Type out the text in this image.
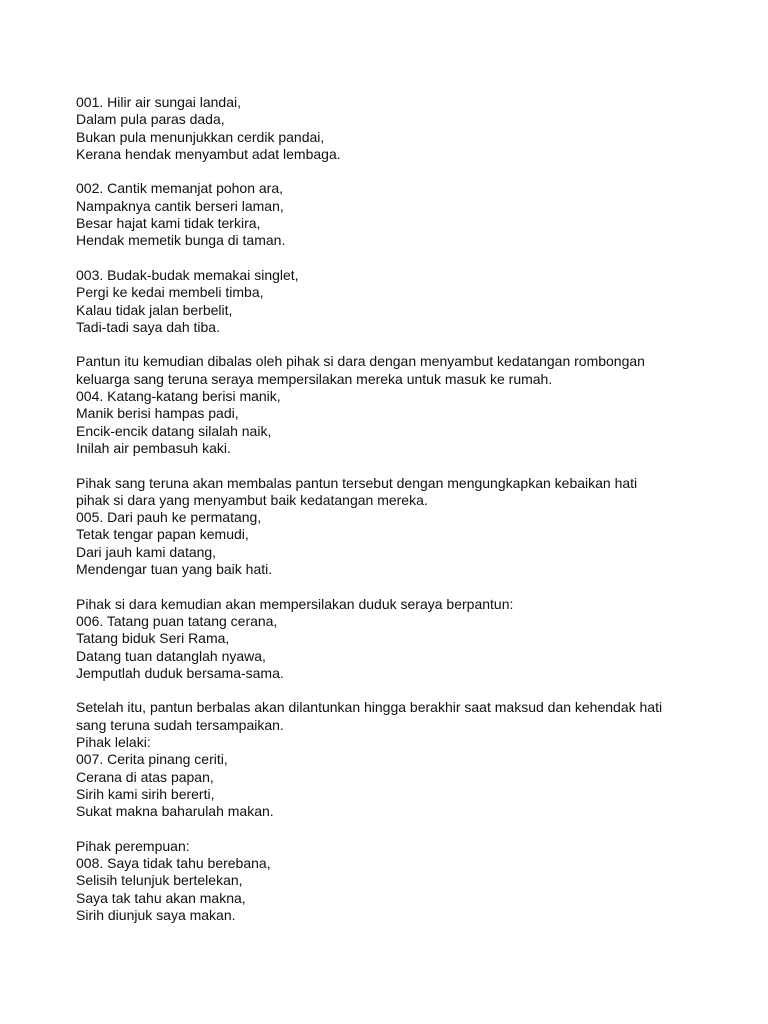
001. Hilir air sungai landai,
Dalam pula paras dada,
Bukan pula menunjukkan cerdik pandai,
Kerana hendak menyambut adat lembaga.
002. Cantik memanjat pohon ara,
Nampaknya cantik berseri laman,
Besar hajat kami tidak terkira,
Hendak memetik bunga di taman.
003. Budak-budak memakai singlet,
Pergi ke kedai membeli timba,
Kalau tidak jalan berbelit,
Tadi-tadi saya dah tiba.
Pantun itu kemudian dibalas oleh pihak si dara dengan menyambut kedatangan rombongan
keluarga sang teruna seraya mempersilakan mereka untuk masuk ke rumah.
004. Katang-katang berisi manik,
Manik berisi hampas padi,
Encik-encik datang silalah naik,
Inilah air pembasuh kaki.
Pihak sang teruna akan membalas pantun tersebut dengan mengungkapkan kebaikan hati
pihak si dara yang menyambut baik kedatangan mereka.
005. Dari pauh ke permatang,
Tetak tengar papan kemudi,
Dari jauh kami datang,
Mendengar tuan yang baik hati.
Pihak si dara kemudian akan mempersilakan duduk seraya berpantun:
006. Tatang puan tatang cerana,
Tatang biduk Seri Rama,
Datang tuan datanglah nyawa,
Jemputlah duduk bersama-sama.
Setelah itu, pantun berbalas akan dilantunkan hingga berakhir saat maksud dan kehendak hati
sang teruna sudah tersampaikan.
Pihak lelaki:
007. Cerita pinang ceriti,
Cerana di atas papan,
Sirih kami sirih bererti,
Sukat makna baharulah makan.
Pihak perempuan:
008. Saya tidak tahu berebana,
Selisih telunjuk bertelekan,
Saya tak tahu akan makna,
Sirih diunjuk saya makan.
